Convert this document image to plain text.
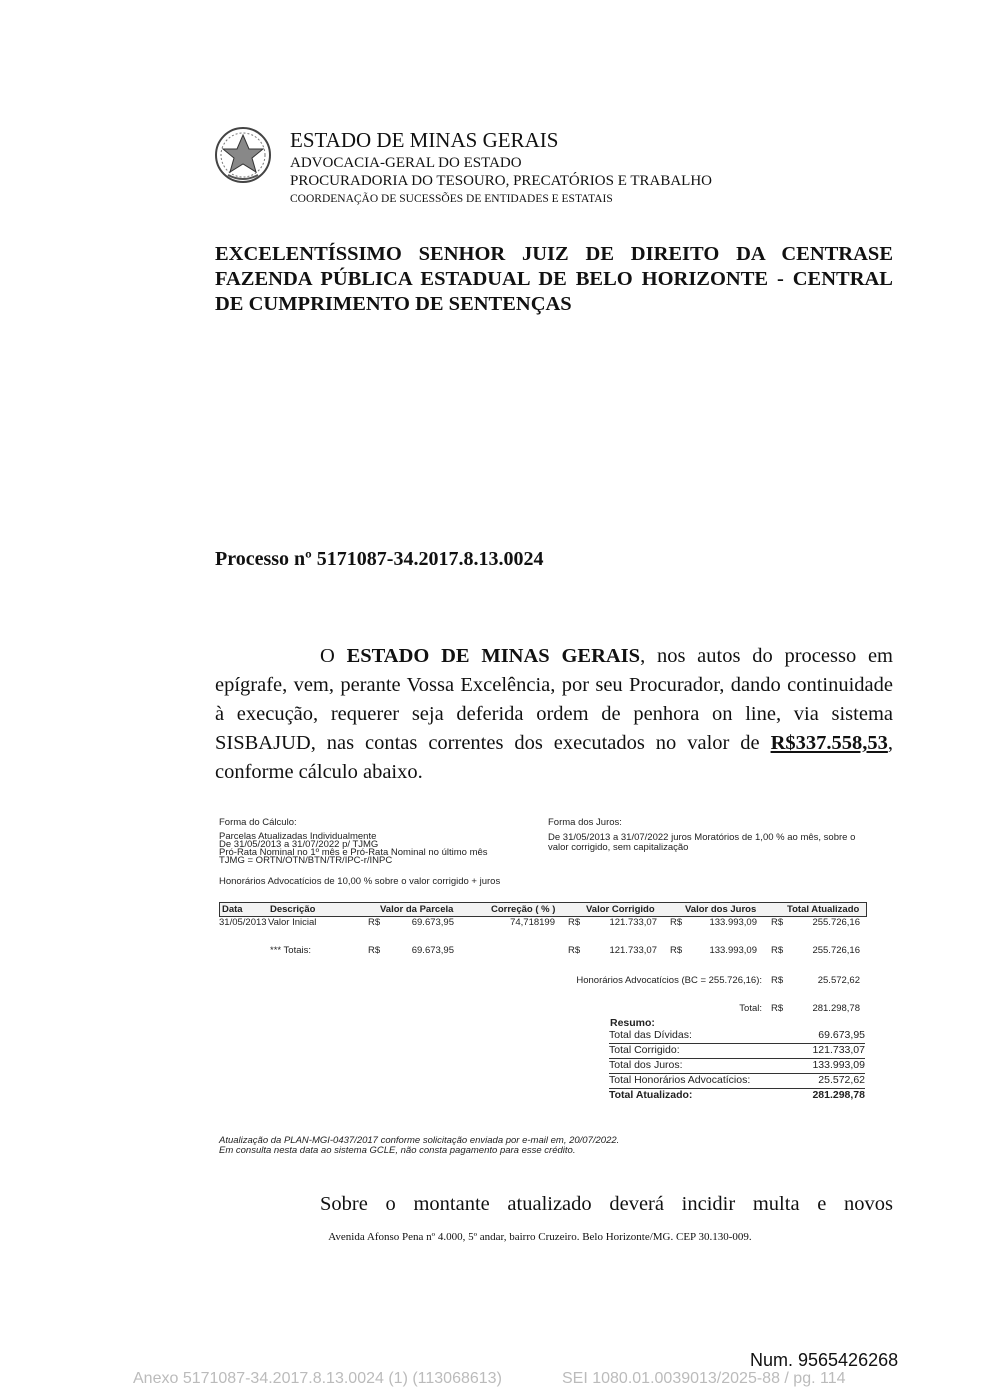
ESTADO DE MINAS GERAIS
ADVOCACIA-GERAL DO ESTADO
PROCURADORIA DO TESOURO, PRECATÓRIOS E TRABALHO
COORDENAÇÃO DE SUCESSÕES DE ENTIDADES E ESTATAIS
EXCELENTÍSSIMO SENHOR JUIZ DE DIREITO DA CENTRASE
FAZENDA PÚBLICA ESTADUAL DE BELO HORIZONTE - CENTRAL
DE CUMPRIMENTO DE SENTENÇAS
Processo nº 5171087-34.2017.8.13.0024
O ESTADO DE MINAS GERAIS, nos autos do processo em epígrafe, vem, perante Vossa Excelência, por seu Procurador, dando continuidade à execução, requerer seja deferida ordem de penhora on line, via sistema SISBAJUD, nas contas correntes dos executados no valor de R$337.558,53, conforme cálculo abaixo.
Forma do Cálculo:
Parcelas Atualizadas Individualmente
De 31/05/2013 a 31/07/2022 p/ TJMG
Pró-Rata Nominal no 1º mês e Pró-Rata Nominal no último mês
TJMG = ORTN/OTN/BTN/TR/IPC-r/INPC
Honorários Advocatícios de 10,00 % sobre o valor corrigido + juros
Forma dos Juros:
De 31/05/2013 a 31/07/2022 juros Moratórios de 1,00 % ao mês, sobre o
valor corrigido, sem capitalização
Data	Descrição	Valor da Parcela	Correção ( % )	Valor Corrigido	Valor dos Juros	Total Atualizado
31/05/2013 Valor Inicial	R$	69.673,95	74,718199 R$	121.733,07 R$	133.993,09 R$	255.726,16
*** Totais:	R$	69.673,95	R$	121.733,07 R$	133.993,09 R$	255.726,16
Honorários Advocatícios (BC = 255.726,16): R$	25.572,62
Total: R$	281.298,78
Resumo:
Total das Dívidas:	69.673,95
Total Corrigido:	121.733,07
Total dos Juros:	133.993,09
Total Honorários Advocatícios:	25.572,62
Total Atualizado:	281.298,78
Atualização da PLAN-MGI-0437/2017 conforme solicitação enviada por e-mail em, 20/07/2022.
Em consulta nesta data ao sistema GCLE, não consta pagamento para esse crédito.
Sobre o montante atualizado deverá incidir multa e novos
Avenida Afonso Pena nº 4.000, 5º andar, bairro Cruzeiro. Belo Horizonte/MG. CEP 30.130-009.
Num. 9565426268
Anexo 5171087-34.2017.8.13.0024 (1) (113068613)	SEI 1080.01.0039013/2025-88 / pg. 114
